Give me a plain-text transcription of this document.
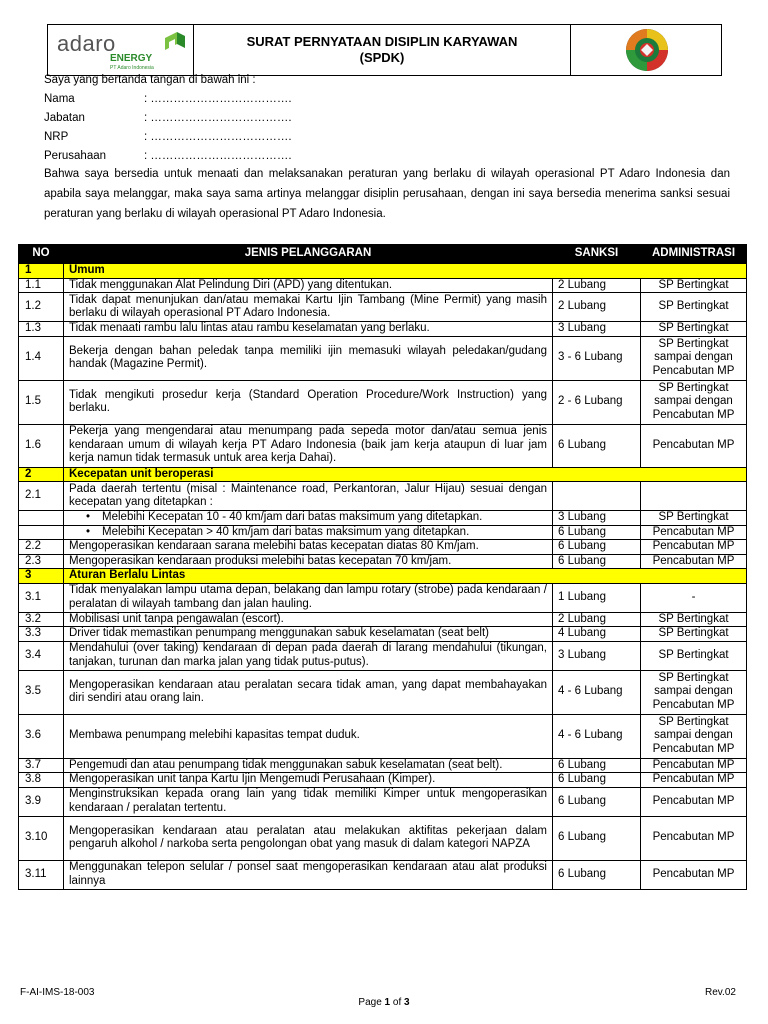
adaro
ENERGY
PT Adaro Indonesia
SURAT PERNYATAAN DISIPLIN KARYAWAN
(SPDK)
Saya yang bertanda tangan di bawah ini :
Nama	: ……………………………….
Jabatan	: ……………………………….
NRP	: ……………………………….
Perusahaan	: ……………………………….
Bahwa saya bersedia untuk menaati dan melaksanakan peraturan yang berlaku di wilayah operasional PT Adaro Indonesia dan apabila saya melanggar, maka saya sama artinya melanggar disiplin perusahaan, dengan ini saya bersedia menerima sanksi sesuai peraturan yang berlaku di wilayah operasional PT Adaro Indonesia.
NO	JENIS PELANGGARAN	SANKSI	ADMINISTRASI
1	Umum		
1.1	Tidak menggunakan Alat Pelindung Diri (APD) yang ditentukan.	2 Lubang	SP Bertingkat
1.2	Tidak dapat menunjukan dan/atau memakai Kartu Ijin Tambang (Mine Permit) yang masih berlaku di wilayah operasional PT Adaro Indonesia.	2 Lubang	SP Bertingkat
1.3	Tidak menaati rambu lalu lintas atau rambu keselamatan yang berlaku.	3 Lubang	SP Bertingkat
1.4	Bekerja dengan bahan peledak tanpa memiliki ijin memasuki wilayah peledakan/gudang handak (Magazine Permit).	3 - 6 Lubang	SP Bertingkat sampai dengan Pencabutan MP
1.5	Tidak mengikuti prosedur kerja (Standard Operation Procedure/Work Instruction) yang berlaku.	2 - 6 Lubang	SP Bertingkat sampai dengan Pencabutan MP
1.6	Pekerja yang mengendarai atau menumpang pada sepeda motor dan/atau semua jenis kendaraan umum di wilayah kerja PT Adaro Indonesia (baik jam kerja ataupun di luar jam kerja namun tidak termasuk untuk area kerja Dahai).	6 Lubang	Pencabutan MP
2	Kecepatan unit beroperasi		
2.1	Pada daerah tertentu (misal : Maintenance road, Perkantoran, Jalur Hijau) sesuai dengan kecepatan yang ditetapkan :		
	• Melebihi Kecepatan 10 - 40 km/jam dari batas maksimum yang ditetapkan.	3 Lubang	SP Bertingkat
	• Melebihi Kecepatan > 40 km/jam dari batas maksimum yang ditetapkan.	6 Lubang	Pencabutan MP
2.2	Mengoperasikan kendaraan sarana melebihi batas kecepatan diatas 80 Km/jam.	6 Lubang	Pencabutan MP
2.3	Mengoperasikan kendaraan produksi melebihi batas kecepatan 70 km/jam.	6 Lubang	Pencabutan MP
3	Aturan Berlalu Lintas		
3.1	Tidak menyalakan lampu utama depan, belakang dan lampu rotary (strobe) pada kendaraan / peralatan di wilayah tambang dan jalan hauling.	1 Lubang	-
3.2	Mobilisasi unit tanpa pengawalan (escort).	2 Lubang	SP Bertingkat
3.3	Driver tidak memastikan penumpang menggunakan sabuk keselamatan (seat belt)	4 Lubang	SP Bertingkat
3.4	Mendahului (over taking) kendaraan di depan pada daerah di larang mendahului (tikungan, tanjakan, turunan dan marka jalan yang tidak putus-putus).	3 Lubang	SP Bertingkat
3.5	Mengoperasikan kendaraan atau peralatan secara tidak aman, yang dapat membahayakan diri sendiri atau orang lain.	4 - 6 Lubang	SP Bertingkat sampai dengan Pencabutan MP
3.6	Membawa penumpang melebihi kapasitas tempat duduk.	4 - 6 Lubang	SP Bertingkat sampai dengan Pencabutan MP
3.7	Pengemudi dan atau penumpang tidak menggunakan sabuk keselamatan (seat belt).	6 Lubang	Pencabutan MP
3.8	Mengoperasikan unit tanpa Kartu Ijin Mengemudi Perusahaan (Kimper).	6 Lubang	Pencabutan MP
3.9	Menginstruksikan kepada orang lain yang tidak memiliki Kimper untuk mengoperasikan kendaraan / peralatan tertentu.	6 Lubang	Pencabutan MP
3.10	Mengoperasikan kendaraan atau peralatan atau melakukan aktifitas pekerjaan dalam pengaruh alkohol / narkoba serta pengolongan obat yang masuk di dalam kategori NAPZA	6 Lubang	Pencabutan MP
3.11	Menggunakan telepon selular / ponsel saat mengoperasikan kendaraan atau alat produksi lainnya	6 Lubang	Pencabutan MP
F-AI-IMS-18-003
Page 1 of 3
Rev.02
